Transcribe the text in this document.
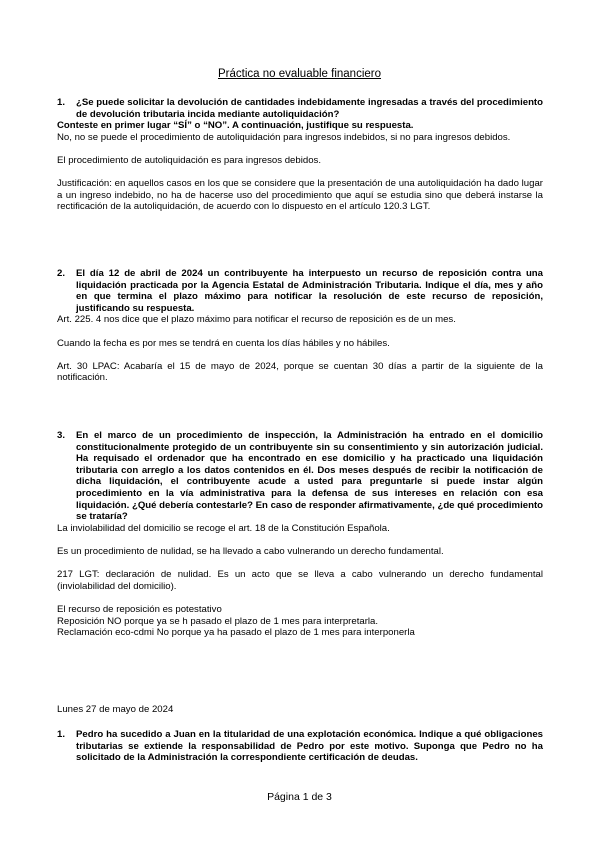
Práctica no evaluable financiero
1. ¿Se puede solicitar la devolución de cantidades indebidamente ingresadas a través del procedimiento de devolución tributaria incida mediante autoliquidación?

Conteste en primer lugar “SÍ” o “NO”. A continuación, justifique su respuesta.

No, no se puede el procedimiento de autoliquidación para ingresos indebidos, si no para ingresos debidos.

El procedimiento de autoliquidación es para ingresos debidos.

Justificación: en aquellos casos en los que se considere que la presentación de una autoliquidación ha dado lugar a un ingreso indebido, no ha de hacerse uso del procedimiento que aquí se estudia sino que deberá instarse la rectificación de la autoliquidación, de acuerdo con lo dispuesto en el artículo 120.3 LGT.

2. El día 12 de abril de 2024 un contribuyente ha interpuesto un recurso de reposición contra una liquidación practicada por la Agencia Estatal de Administración Tributaria. Indique el día, mes y año en que termina el plazo máximo para notificar la resolución de este recurso de reposición, justificando su respuesta.

Art. 225. 4 nos dice que el plazo máximo para notificar el recurso de reposición es de un mes.

Cuando la fecha es por mes se tendrá en cuenta los días hábiles y no hábiles.

Art. 30 LPAC: Acabaría el 15 de mayo de 2024, porque se cuentan 30 días a partir de la siguiente de la notificación.

3. En el marco de un procedimiento de inspección, la Administración ha entrado en el domicilio constitucionalmente protegido de un contribuyente sin su consentimiento y sin autorización judicial. Ha requisado el ordenador que ha encontrado en ese domicilio y ha practicado una liquidación tributaria con arreglo a los datos contenidos en él. Dos meses después de recibir la notificación de dicha liquidación, el contribuyente acude a usted para preguntarle si puede instar algún procedimiento en la vía administrativa para la defensa de sus intereses en relación con esa liquidación. ¿Qué debería contestarle? En caso de responder afirmativamente, ¿de qué procedimiento se trataría?

La inviolabilidad del domicilio se recoge el art. 18 de la Constitución Española.

Es un procedimiento de nulidad, se ha llevado a cabo vulnerando un derecho fundamental.

217 LGT: declaración de nulidad. Es un acto que se lleva a cabo vulnerando un derecho fundamental (inviolabilidad del domicilio).

El recurso de reposición es potestativo

Reposición NO porque ya se h pasado el plazo de 1 mes para interpretarla.

Reclamación eco-cdmi No porque ya ha pasado el plazo de 1 mes para interponerla

Lunes 27 de mayo de 2024
1. Pedro ha sucedido a Juan en la titularidad de una explotación económica. Indique a qué obligaciones tributarias se extiende la responsabilidad de Pedro por este motivo. Suponga que Pedro no ha solicitado de la Administración la correspondiente certificación de deudas.
Página 1 de 3
